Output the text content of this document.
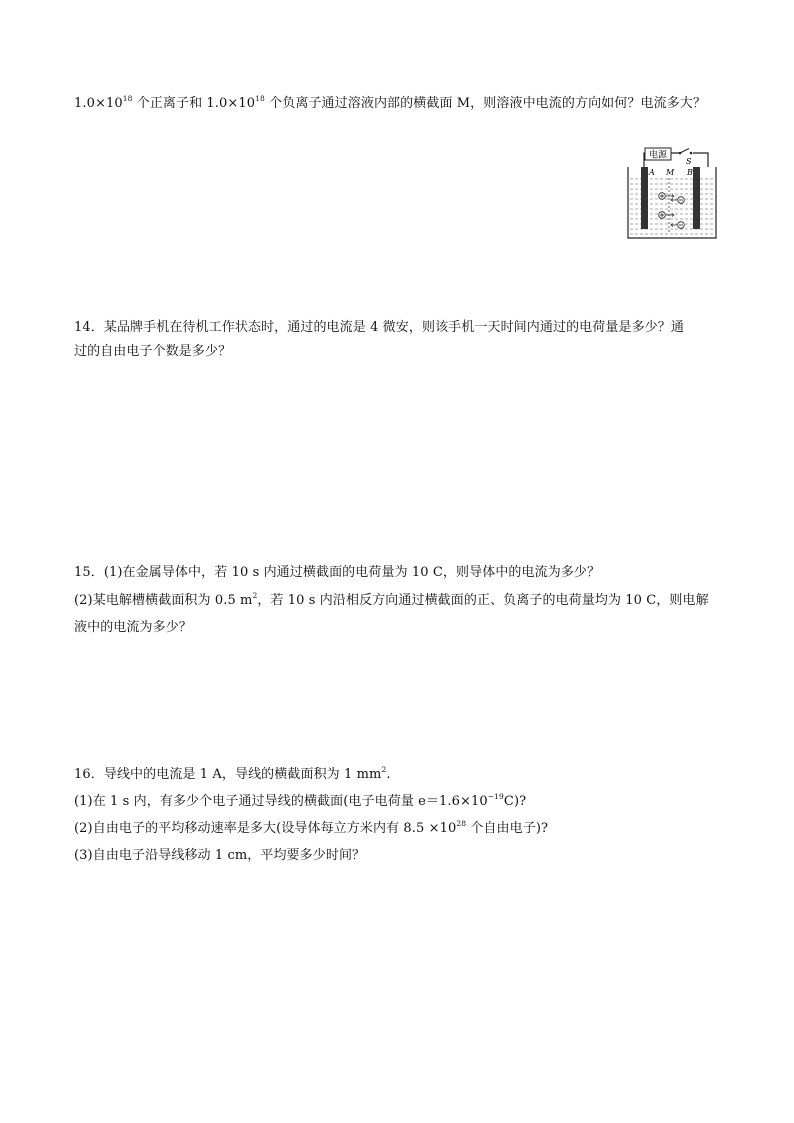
$1.0\times 10^{18}$ 个正离子和 $1.0\times 10^{18}$ 个负离子通过溶液内部的横截面 M，则溶液中电流的方向如何？电流多大？
电源
S
A M B
14．某品牌手机在待机工作状态时，通过的电流是 4 微安，则该手机一天时间内通过的电荷量是多少？通
过的自由电子个数是多少？
15．(1)在金属导体中，若 10 s 内通过横截面的电荷量为 10 C，则导体中的电流为多少？
(2)某电解槽横截面积为 0.5 $m^2$，若 10 s 内沿相反方向通过横截面的正、负离子的电荷量均为 10 C，则电解
液中的电流为多少？
16．导线中的电流是 1 A，导线的横截面积为 1 $mm^2$.
(1)在 1 s 内，有多少个电子通过导线的横截面(电子电荷量 $e=1.6\times 10^{-19}C$)?
(2)自由电子的平均移动速率是多大(设导体每立方米内有 $8.5 \times 10^{28}$ 个自由电子)?
(3)自由电子沿导线移动 1 cm，平均要多少时间？
